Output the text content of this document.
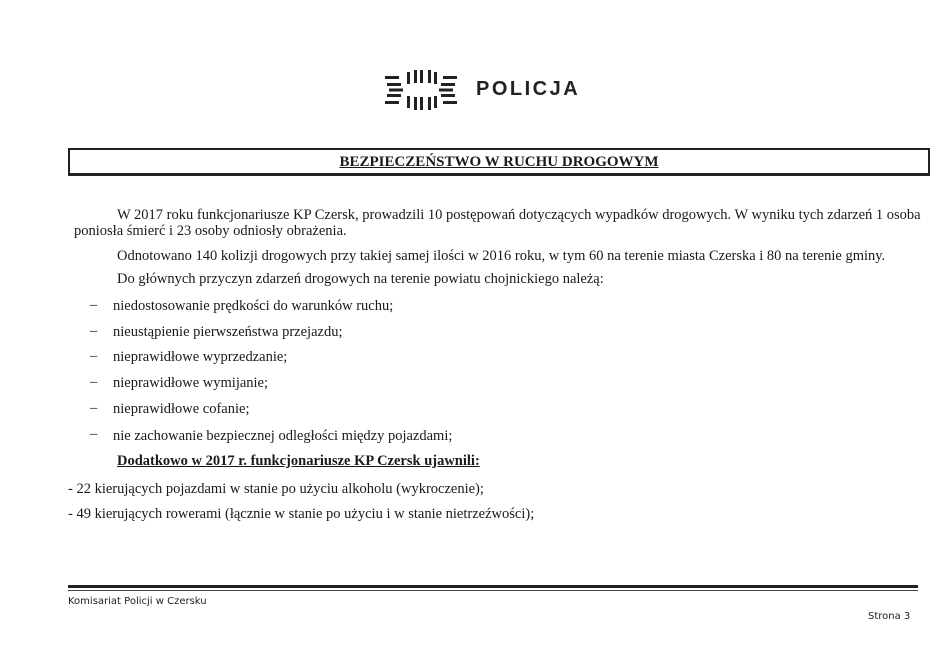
POLICJA
BEZPIECZEŃSTWO W RUCHU DROGOWYM
W 2017 roku funkcjonariusze KP Czersk, prowadzili 10 postępowań dotyczących wypadków drogowych. W wyniku tych zdarzeń 1 osoba
poniosła śmierć i 23 osoby odniosły obrażenia.
Odnotowano 140 kolizji drogowych przy takiej samej ilości w 2016 roku, w tym 60 na terenie miasta Czerska i 80 na terenie gminy.
Do głównych przyczyn zdarzeń drogowych na terenie powiatu chojnickiego należą:
– niedostosowanie prędkości do warunków ruchu;
– nieustąpienie pierwszeństwa przejazdu;
– nieprawidłowe wyprzedzanie;
– nieprawidłowe wymijanie;
– nieprawidłowe cofanie;
– nie zachowanie bezpiecznej odległości między pojazdami;
Dodatkowo w 2017 r. funkcjonariusze KP Czersk ujawnili:
- 22 kierujących pojazdami w stanie po użyciu alkoholu (wykroczenie);
- 49 kierujących rowerami (łącznie w stanie po użyciu i w stanie nietrzeźwości);
Komisariat Policji w Czersku
Strona 3
